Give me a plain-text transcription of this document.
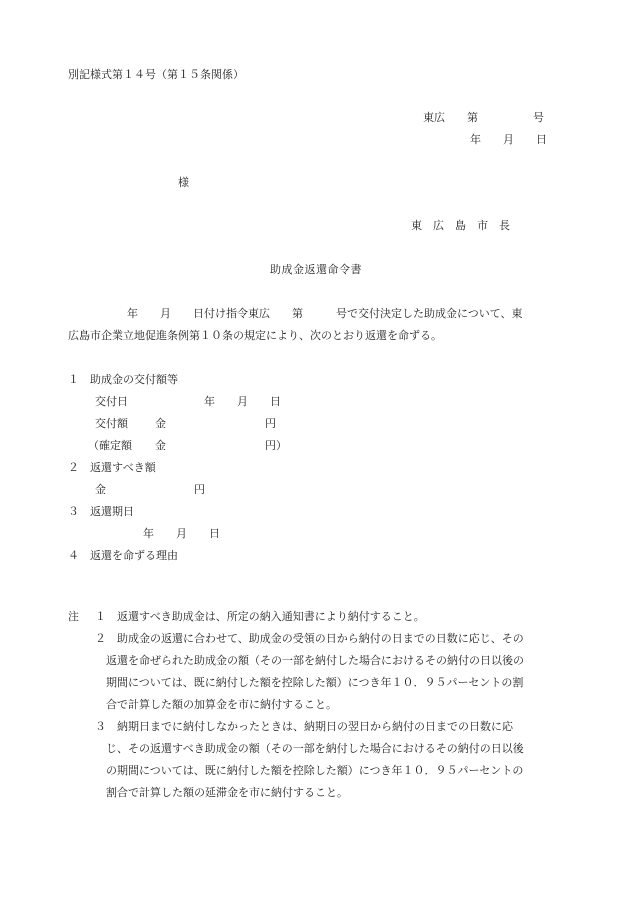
別記様式第１４号（第１５条関係）
東広　　第　　　　　号
年　　月　　日
様
東　広　島　市　長
助成金返還命令書
　　年　　月　　日付け指令東広　　第　　　号で交付決定した助成金について、東
広島市企業立地促進条例第１０条の規定により、次のとおり返還を命ずる。
１　助成金の交付額等
交付日	年　　月　　日
交付額 金　　　　　　　　　円
（確定額 金　　　　　　　　　円）
２　返還すべき額
金　　　　　　　　円
３　返還期日
年　　月　　日
４　返還を命ずる理由
注 １ 返還すべき助成金は、所定の納入通知書により納付すること。
２ 助成金の返還に合わせて、助成金の受領の日から納付の日までの日数に応じ、その
返還を命ぜられた助成金の額（その一部を納付した場合におけるその納付の日以後の
期間については、既に納付した額を控除した額）につき年１０．９５パーセントの割
合で計算した額の加算金を市に納付すること。
３ 納期日までに納付しなかったときは、納期日の翌日から納付の日までの日数に応
じ、その返還すべき助成金の額（その一部を納付した場合におけるその納付の日以後
の期間については、既に納付した額を控除した額）につき年１０．９５パーセントの
割合で計算した額の延滞金を市に納付すること。
